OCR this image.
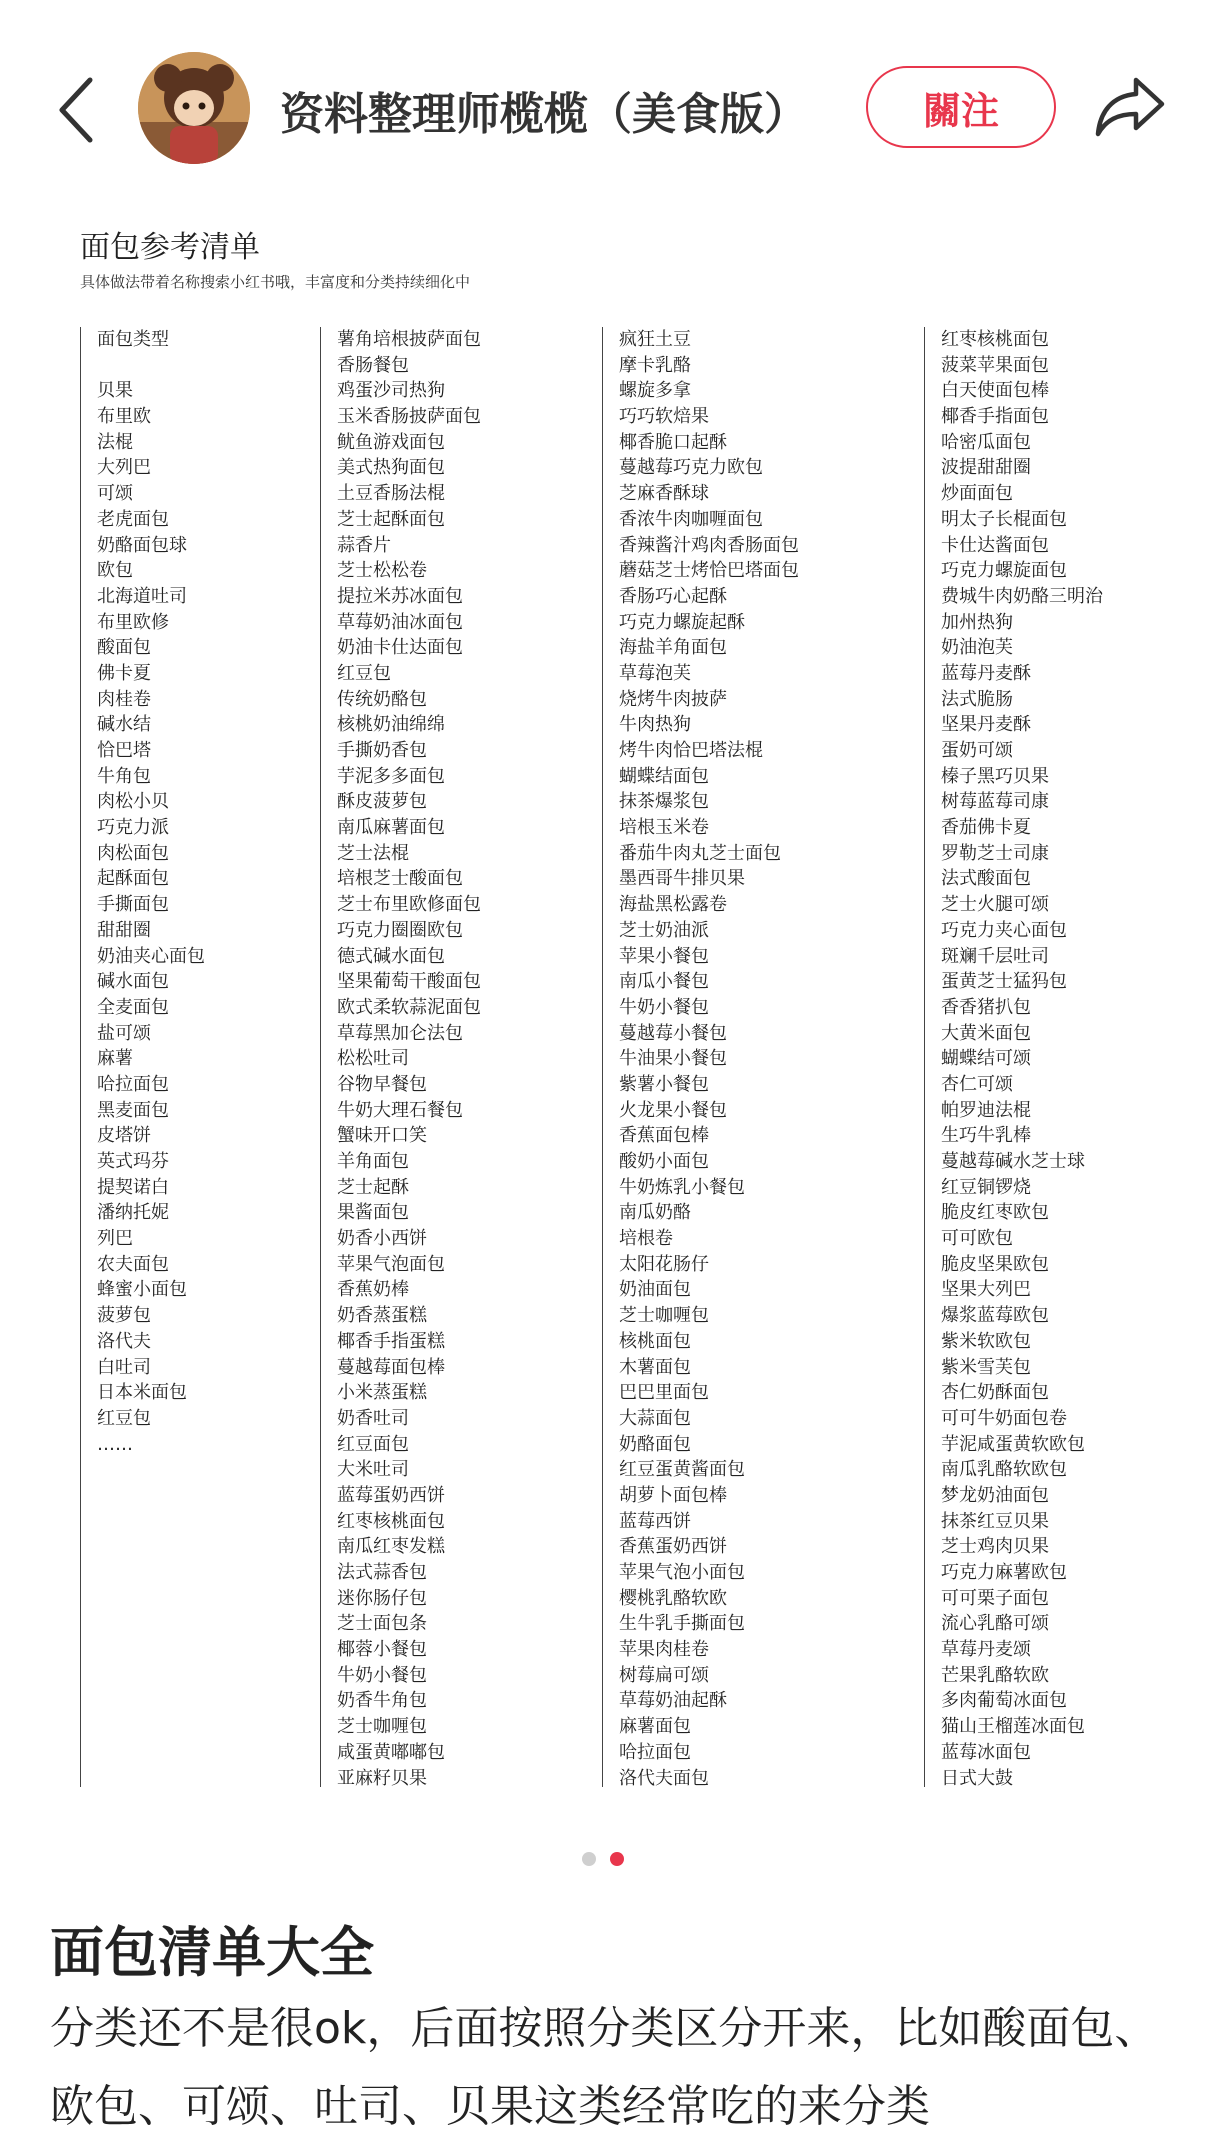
资料整理师榄榄（美食版）	關注
面包参考清单
具体做法带着名称搜索小红书哦，丰富度和分类持续细化中
面包类型
贝果
布里欧
法棍
大列巴
可颂
老虎面包
奶酪面包球
欧包
北海道吐司
布里欧修
酸面包
佛卡夏
肉桂卷
碱水结
恰巴塔
牛角包
肉松小贝
巧克力派
肉松面包
起酥面包
手撕面包
甜甜圈
奶油夹心面包
碱水面包
全麦面包
盐可颂
麻薯
哈拉面包
黑麦面包
皮塔饼
英式玛芬
提契诺白
潘纳托妮
列巴
农夫面包
蜂蜜小面包
菠萝包
洛代夫
白吐司
日本米面包
红豆包
……
薯角培根披萨面包
香肠餐包
鸡蛋沙司热狗
玉米香肠披萨面包
鱿鱼游戏面包
美式热狗面包
土豆香肠法棍
芝士起酥面包
蒜香片
芝士松松卷
提拉米苏冰面包
草莓奶油冰面包
奶油卡仕达面包
红豆包
传统奶酪包
核桃奶油绵绵
手撕奶香包
芋泥多多面包
酥皮菠萝包
南瓜麻薯面包
芝士法棍
培根芝士酸面包
芝士布里欧修面包
巧克力圈圈欧包
德式碱水面包
坚果葡萄干酸面包
欧式柔软蒜泥面包
草莓黑加仑法包
松松吐司
谷物早餐包
牛奶大理石餐包
蟹味开口笑
羊角面包
芝士起酥
果酱面包
奶香小西饼
苹果气泡面包
香蕉奶棒
奶香蒸蛋糕
椰香手指蛋糕
蔓越莓面包棒
小米蒸蛋糕
奶香吐司
红豆面包
大米吐司
蓝莓蛋奶西饼
红枣核桃面包
南瓜红枣发糕
法式蒜香包
迷你肠仔包
芝士面包条
椰蓉小餐包
牛奶小餐包
奶香牛角包
芝士咖喱包
咸蛋黄嘟嘟包
亚麻籽贝果
疯狂土豆
摩卡乳酪
螺旋多拿
巧巧软焙果
椰香脆口起酥
蔓越莓巧克力欧包
芝麻香酥球
香浓牛肉咖喱面包
香辣酱汁鸡肉香肠面包
蘑菇芝士烤恰巴塔面包
香肠巧心起酥
巧克力螺旋起酥
海盐羊角面包
草莓泡芙
烧烤牛肉披萨
牛肉热狗
烤牛肉恰巴塔法棍
蝴蝶结面包
抹茶爆浆包
培根玉米卷
番茄牛肉丸芝士面包
墨西哥牛排贝果
海盐黑松露卷
芝士奶油派
苹果小餐包
南瓜小餐包
牛奶小餐包
蔓越莓小餐包
牛油果小餐包
紫薯小餐包
火龙果小餐包
香蕉面包棒
酸奶小面包
牛奶炼乳小餐包
南瓜奶酪
培根卷
太阳花肠仔
奶油面包
芝士咖喱包
核桃面包
木薯面包
巴巴里面包
大蒜面包
奶酪面包
红豆蛋黄酱面包
胡萝卜面包棒
蓝莓西饼
香蕉蛋奶西饼
苹果气泡小面包
樱桃乳酪软欧
生牛乳手撕面包
苹果肉桂卷
树莓扁可颂
草莓奶油起酥
麻薯面包
哈拉面包
洛代夫面包
红枣核桃面包
菠菜苹果面包
白天使面包棒
椰香手指面包
哈密瓜面包
波提甜甜圈
炒面面包
明太子长棍面包
卡仕达酱面包
巧克力螺旋面包
费城牛肉奶酪三明治
加州热狗
奶油泡芙
蓝莓丹麦酥
法式脆肠
坚果丹麦酥
蛋奶可颂
榛子黑巧贝果
树莓蓝莓司康
香茄佛卡夏
罗勒芝士司康
法式酸面包
芝士火腿可颂
巧克力夹心面包
斑斓千层吐司
蛋黄芝士猛犸包
香香猪扒包
大黄米面包
蝴蝶结可颂
杏仁可颂
帕罗迪法棍
生巧牛乳棒
蔓越莓碱水芝士球
红豆铜锣烧
脆皮红枣欧包
可可欧包
脆皮坚果欧包
坚果大列巴
爆浆蓝莓欧包
紫米软欧包
紫米雪芙包
杏仁奶酥面包
可可牛奶面包卷
芋泥咸蛋黄软欧包
南瓜乳酪软欧包
梦龙奶油面包
抹茶红豆贝果
芝士鸡肉贝果
巧克力麻薯欧包
可可栗子面包
流心乳酪可颂
草莓丹麦颂
芒果乳酪软欧
多肉葡萄冰面包
猫山王榴莲冰面包
蓝莓冰面包
日式大鼓
面包清单大全
分类还不是很ok，后面按照分类区分开来，比如酸面包、欧包、可颂、吐司、贝果这类经常吃的来分类
